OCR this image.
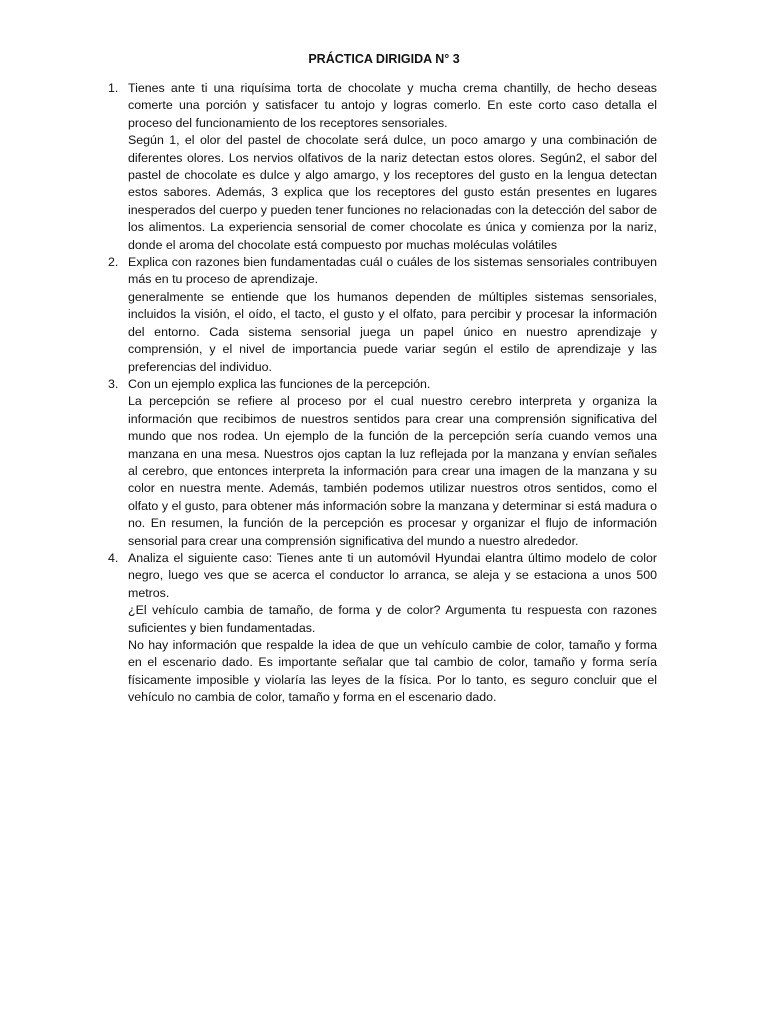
PRÁCTICA DIRIGIDA N° 3
1. Tienes ante ti una riquísima torta de chocolate y mucha crema chantilly, de hecho deseas comerte una porción y satisfacer tu antojo y logras comerlo. En este corto caso detalla el proceso del funcionamiento de los receptores sensoriales.

Según 1, el olor del pastel de chocolate será dulce, un poco amargo y una combinación de diferentes olores. Los nervios olfativos de la nariz detectan estos olores. Según2, el sabor del pastel de chocolate es dulce y algo amargo, y los receptores del gusto en la lengua detectan estos sabores. Además, 3 explica que los receptores del gusto están presentes en lugares inesperados del cuerpo y pueden tener funciones no relacionadas con la detección del sabor de los alimentos. La experiencia sensorial de comer chocolate es única y comienza por la nariz, donde el aroma del chocolate está compuesto por muchas moléculas volátiles

2. Explica con razones bien fundamentadas cuál o cuáles de los sistemas sensoriales contribuyen más en tu proceso de aprendizaje.

generalmente se entiende que los humanos dependen de múltiples sistemas sensoriales, incluidos la visión, el oído, el tacto, el gusto y el olfato, para percibir y procesar la información del entorno. Cada sistema sensorial juega un papel único en nuestro aprendizaje y comprensión, y el nivel de importancia puede variar según el estilo de aprendizaje y las preferencias del individuo.

3. Con un ejemplo explica las funciones de la percepción.

La percepción se refiere al proceso por el cual nuestro cerebro interpreta y organiza la información que recibimos de nuestros sentidos para crear una comprensión significativa del mundo que nos rodea. Un ejemplo de la función de la percepción sería cuando vemos una manzana en una mesa. Nuestros ojos captan la luz reflejada por la manzana y envían señales al cerebro, que entonces interpreta la información para crear una imagen de la manzana y su color en nuestra mente. Además, también podemos utilizar nuestros otros sentidos, como el olfato y el gusto, para obtener más información sobre la manzana y determinar si está madura o no. En resumen, la función de la percepción es procesar y organizar el flujo de información sensorial para crear una comprensión significativa del mundo a nuestro alrededor.

4. Analiza el siguiente caso: Tienes ante ti un automóvil Hyundai elantra último modelo de color negro, luego ves que se acerca el conductor lo arranca, se aleja y se estaciona a unos 500 metros.

¿El vehículo cambia de tamaño, de forma y de color? Argumenta tu respuesta con razones suficientes y bien fundamentadas.

No hay información que respalde la idea de que un vehículo cambie de color, tamaño y forma en el escenario dado. Es importante señalar que tal cambio de color, tamaño y forma sería físicamente imposible y violaría las leyes de la física. Por lo tanto, es seguro concluir que el vehículo no cambia de color, tamaño y forma en el escenario dado.
